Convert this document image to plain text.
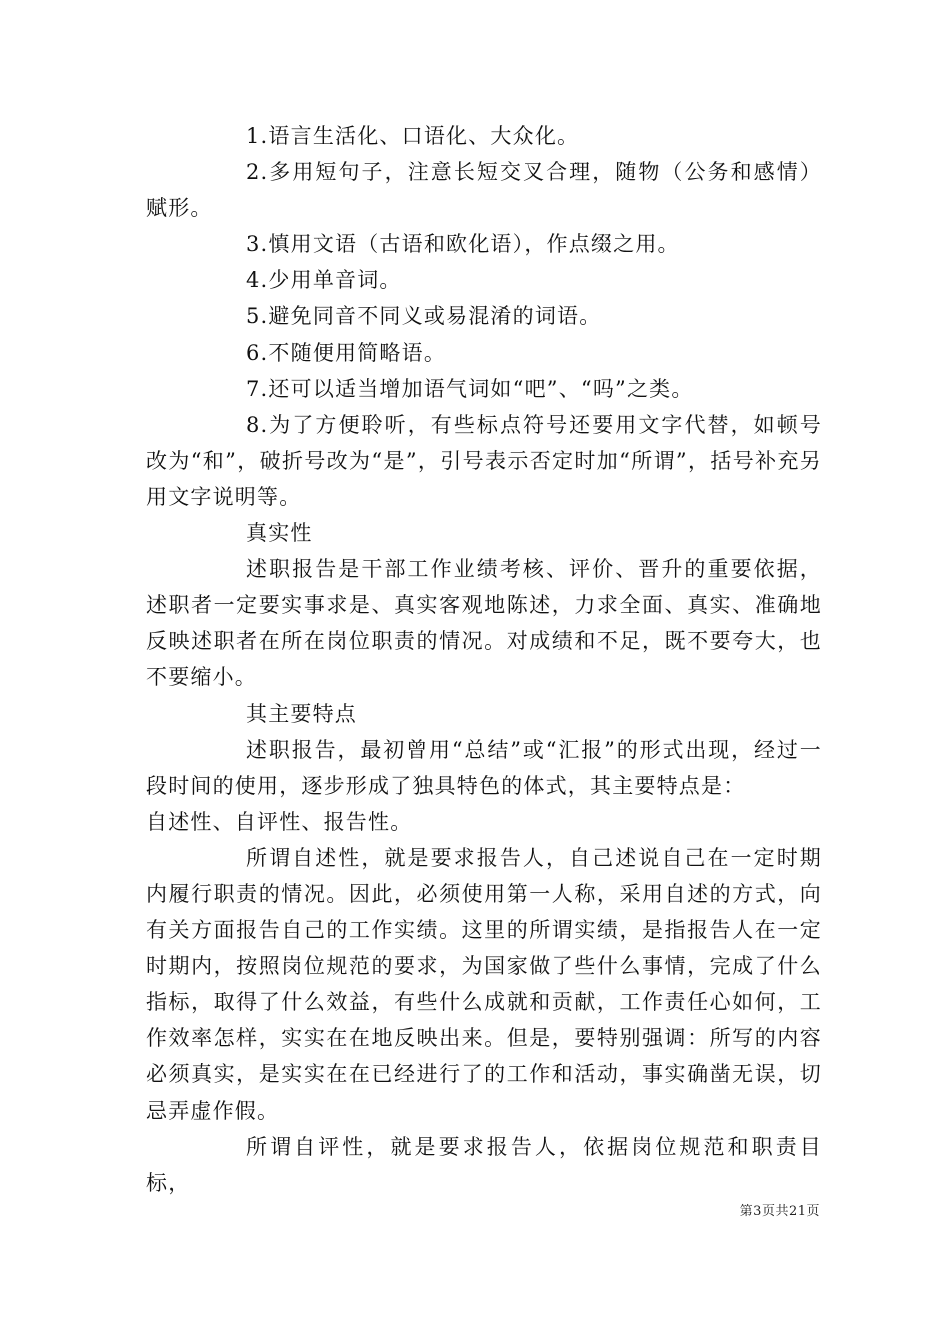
1.语言生活化、口语化、大众化。

2.多用短句子，注意长短交叉合理，随物（公务和感情）赋形。

3.慎用文语（古语和欧化语），作点缀之用。

4.少用单音词。

5.避免同音不同义或易混淆的词语。

6.不随便用简略语。

7.还可以适当增加语气词如“吧”、“吗”之类。

8.为了方便聆听，有些标点符号还要用文字代替，如顿号改为“和”，破折号改为“是”，引号表示否定时加“所谓”，括号补充另用文字说明等。

真实性

述职报告是干部工作业绩考核、评价、晋升的重要依据，述职者一定要实事求是、真实客观地陈述，力求全面、真实、准确地反映述职者在所在岗位职责的情况。对成绩和不足，既不要夸大，也不要缩小。

其主要特点

述职报告，最初曾用“总结”或“汇报”的形式出现，经过一段时间的使用，逐步形成了独具特色的体式，其主要特点是：

自述性、自评性、报告性。

所谓自述性，就是要求报告人，自己述说自己在一定时期内履行职责的情况。因此，必须使用第一人称，采用自述的方式，向有关方面报告自己的工作实绩。这里的所谓实绩，是指报告人在一定时期内，按照岗位规范的要求，为国家做了些什么事情，完成了什么指标，取得了什么效益，有些什么成就和贡献，工作责任心如何，工作效率怎样，实实在在地反映出来。但是，要特别强调：所写的内容必须真实，是实实在在已经进行了的工作和活动，事实确凿无误，切忌弄虚作假。

所谓自评性，就是要求报告人，依据岗位规范和职责目标，

第3页共21页
